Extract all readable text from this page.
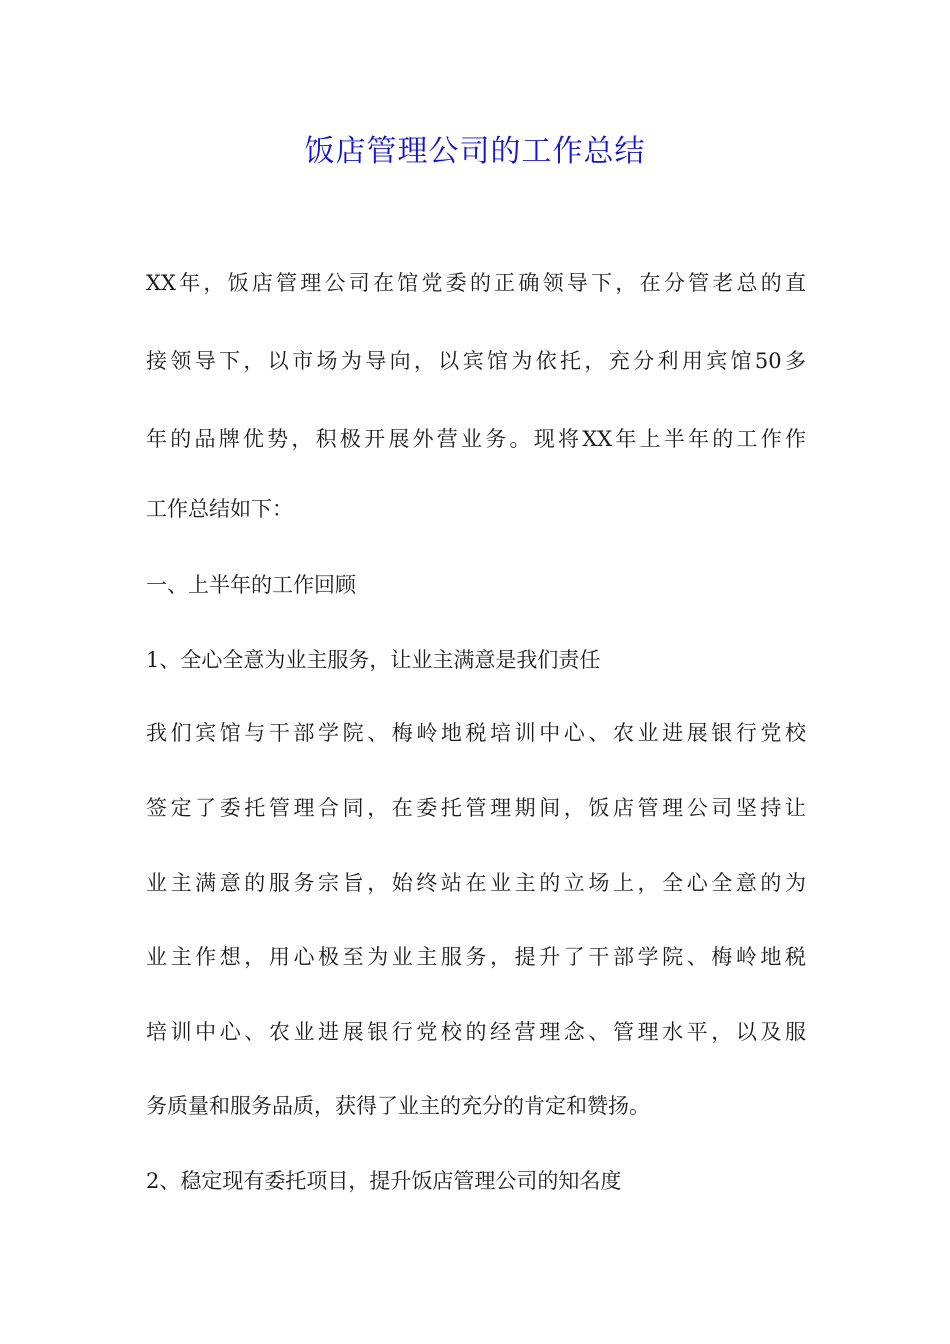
饭店管理公司的工作总结
XX年，饭店管理公司在馆党委的正确领导下，在分管老总的直
接领导下，以市场为导向，以宾馆为依托，充分利用宾馆50多
年的品牌优势，积极开展外营业务。现将XX年上半年的工作作
工作总结如下：
一、上半年的工作回顾
1、全心全意为业主服务，让业主满意是我们责任
我们宾馆与干部学院、梅岭地税培训中心、农业进展银行党校
签定了委托管理合同，在委托管理期间，饭店管理公司坚持让
业主满意的服务宗旨，始终站在业主的立场上，全心全意的为
业主作想，用心极至为业主服务，提升了干部学院、梅岭地税
培训中心、农业进展银行党校的经营理念、管理水平，以及服
务质量和服务品质，获得了业主的充分的肯定和赞扬。
2、稳定现有委托项目，提升饭店管理公司的知名度
